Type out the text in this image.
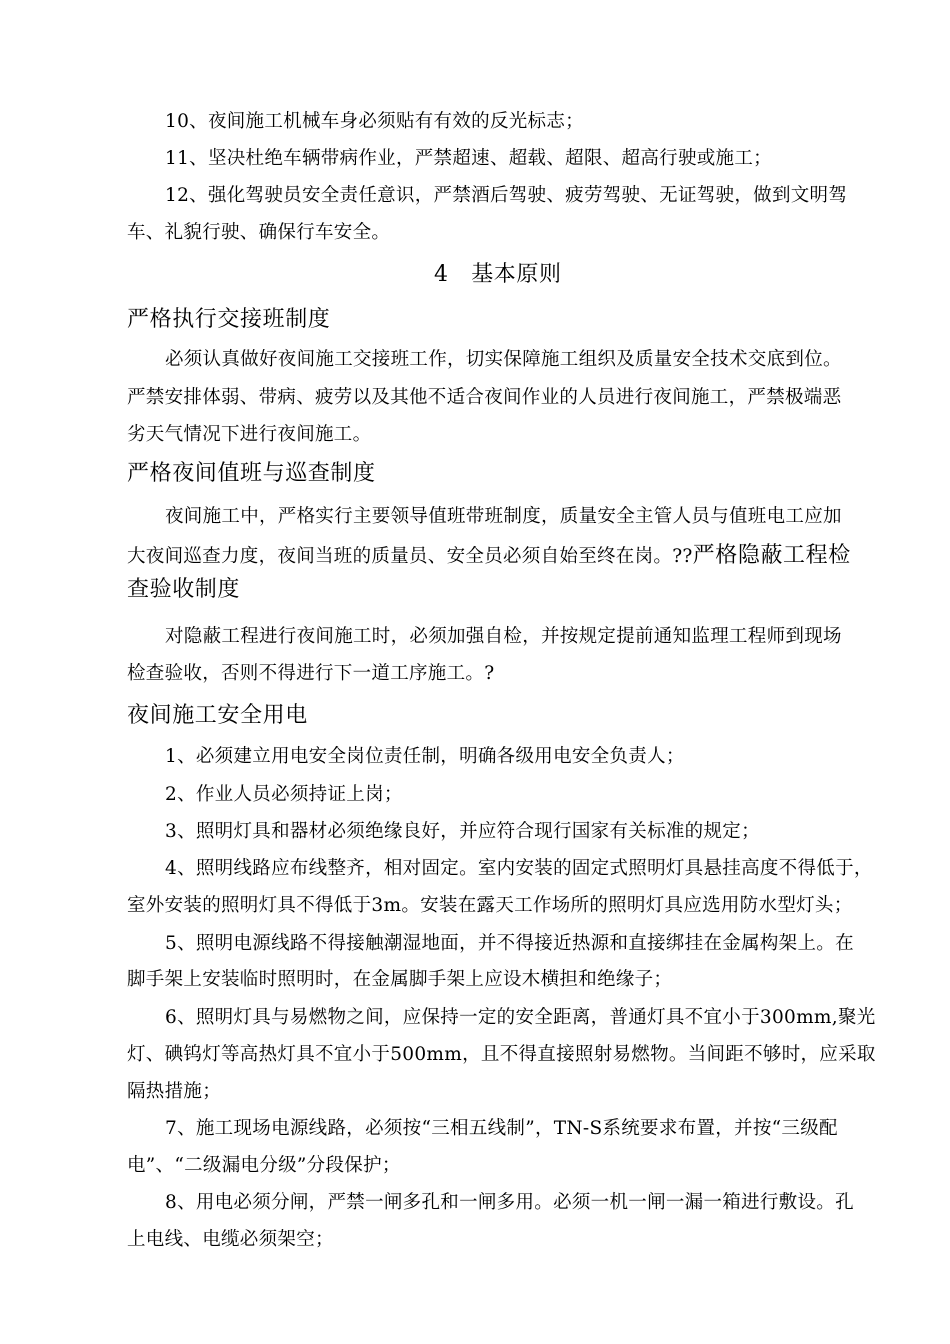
10、夜间施工机械车身必须贴有有效的反光标志；
11、坚决杜绝车辆带病作业，严禁超速、超载、超限、超高行驶或施工；
12、强化驾驶员安全责任意识，严禁酒后驾驶、疲劳驾驶、无证驾驶，做到文明驾
车、礼貌行驶、确保行车安全。
4　基本原则
严格执行交接班制度
必须认真做好夜间施工交接班工作，切实保障施工组织及质量安全技术交底到位。
严禁安排体弱、带病、疲劳以及其他不适合夜间作业的人员进行夜间施工，严禁极端恶
劣天气情况下进行夜间施工。
严格夜间值班与巡查制度
夜间施工中，严格实行主要领导值班带班制度，质量安全主管人员与值班电工应加
大夜间巡查力度，夜间当班的质量员、安全员必须自始至终在岗。??严格隐蔽工程检
查验收制度
对隐蔽工程进行夜间施工时，必须加强自检，并按规定提前通知监理工程师到现场
检查验收，否则不得进行下一道工序施工。?
夜间施工安全用电
1、必须建立用电安全岗位责任制，明确各级用电安全负责人；
2、作业人员必须持证上岗；
3、照明灯具和器材必须绝缘良好，并应符合现行国家有关标准的规定；
4、照明线路应布线整齐，相对固定。室内安装的固定式照明灯具悬挂高度不得低于，
室外安装的照明灯具不得低于3m。安装在露天工作场所的照明灯具应选用防水型灯头；
5、照明电源线路不得接触潮湿地面，并不得接近热源和直接绑挂在金属构架上。在
脚手架上安装临时照明时，在金属脚手架上应设木横担和绝缘子；
6、照明灯具与易燃物之间，应保持一定的安全距离，普通灯具不宜小于300mm,聚光
灯、碘钨灯等高热灯具不宜小于500mm，且不得直接照射易燃物。当间距不够时，应采取
隔热措施；
7、施工现场电源线路，必须按“三相五线制”，TN-S系统要求布置，并按“三级配
电”、“二级漏电分级”分段保护；
8、用电必须分闸，严禁一闸多孔和一闸多用。必须一机一闸一漏一箱进行敷设。孔
上电线、电缆必须架空；
